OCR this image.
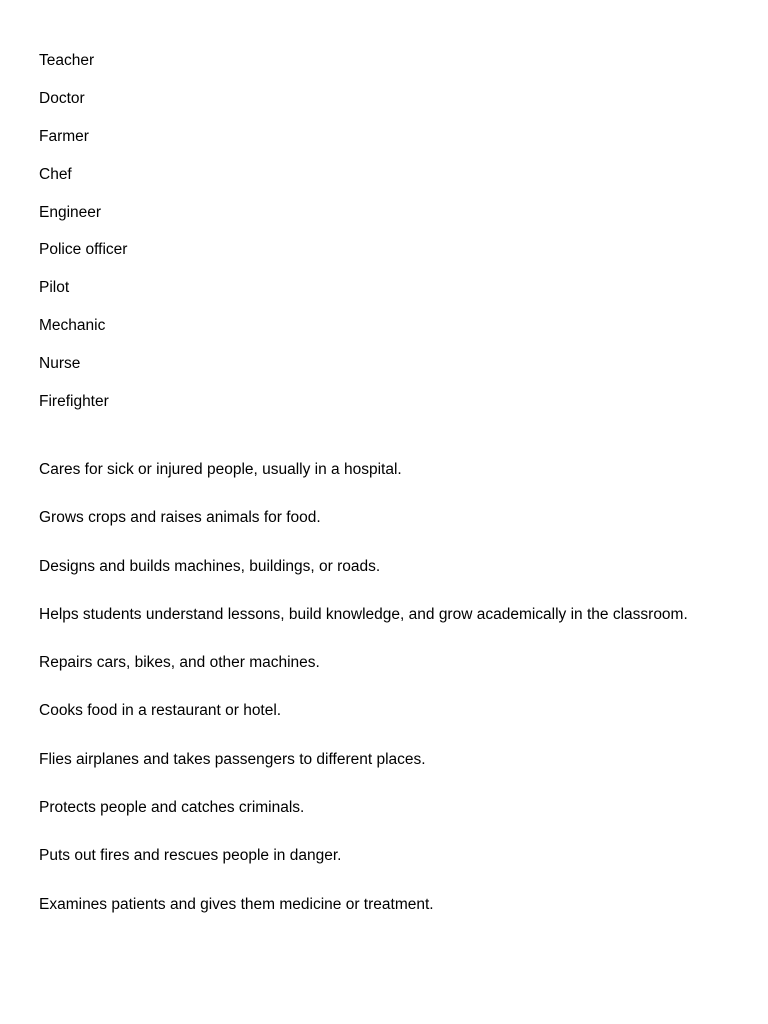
Teacher
Doctor
Farmer
Chef
Engineer
Police officer
Pilot
Mechanic
Nurse
Firefighter
Cares for sick or injured people, usually in a hospital.
Grows crops and raises animals for food.
Designs and builds machines, buildings, or roads.
Helps students understand lessons, build knowledge, and grow academically in the classroom.
Repairs cars, bikes, and other machines.
Cooks food in a restaurant or hotel.
Flies airplanes and takes passengers to different places.
Protects people and catches criminals.
Puts out fires and rescues people in danger.
Examines patients and gives them medicine or treatment.
